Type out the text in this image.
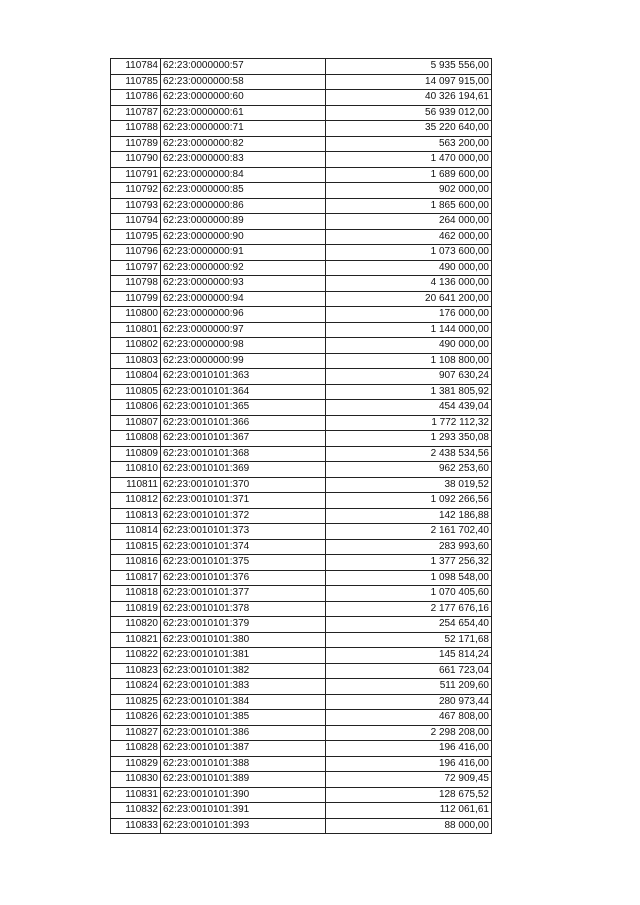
110784	62:23:0000000:57	5 935 556,00
110785	62:23:0000000:58	14 097 915,00
110786	62:23:0000000:60	40 326 194,61
110787	62:23:0000000:61	56 939 012,00
110788	62:23:0000000:71	35 220 640,00
110789	62:23:0000000:82	563 200,00
110790	62:23:0000000:83	1 470 000,00
110791	62:23:0000000:84	1 689 600,00
110792	62:23:0000000:85	902 000,00
110793	62:23:0000000:86	1 865 600,00
110794	62:23:0000000:89	264 000,00
110795	62:23:0000000:90	462 000,00
110796	62:23:0000000:91	1 073 600,00
110797	62:23:0000000:92	490 000,00
110798	62:23:0000000:93	4 136 000,00
110799	62:23:0000000:94	20 641 200,00
110800	62:23:0000000:96	176 000,00
110801	62:23:0000000:97	1 144 000,00
110802	62:23:0000000:98	490 000,00
110803	62:23:0000000:99	1 108 800,00
110804	62:23:0010101:363	907 630,24
110805	62:23:0010101:364	1 381 805,92
110806	62:23:0010101:365	454 439,04
110807	62:23:0010101:366	1 772 112,32
110808	62:23:0010101:367	1 293 350,08
110809	62:23:0010101:368	2 438 534,56
110810	62:23:0010101:369	962 253,60
110811	62:23:0010101:370	38 019,52
110812	62:23:0010101:371	1 092 266,56
110813	62:23:0010101:372	142 186,88
110814	62:23:0010101:373	2 161 702,40
110815	62:23:0010101:374	283 993,60
110816	62:23:0010101:375	1 377 256,32
110817	62:23:0010101:376	1 098 548,00
110818	62:23:0010101:377	1 070 405,60
110819	62:23:0010101:378	2 177 676,16
110820	62:23:0010101:379	254 654,40
110821	62:23:0010101:380	52 171,68
110822	62:23:0010101:381	145 814,24
110823	62:23:0010101:382	661 723,04
110824	62:23:0010101:383	511 209,60
110825	62:23:0010101:384	280 973,44
110826	62:23:0010101:385	467 808,00
110827	62:23:0010101:386	2 298 208,00
110828	62:23:0010101:387	196 416,00
110829	62:23:0010101:388	196 416,00
110830	62:23:0010101:389	72 909,45
110831	62:23:0010101:390	128 675,52
110832	62:23:0010101:391	112 061,61
110833	62:23:0010101:393	88 000,00
